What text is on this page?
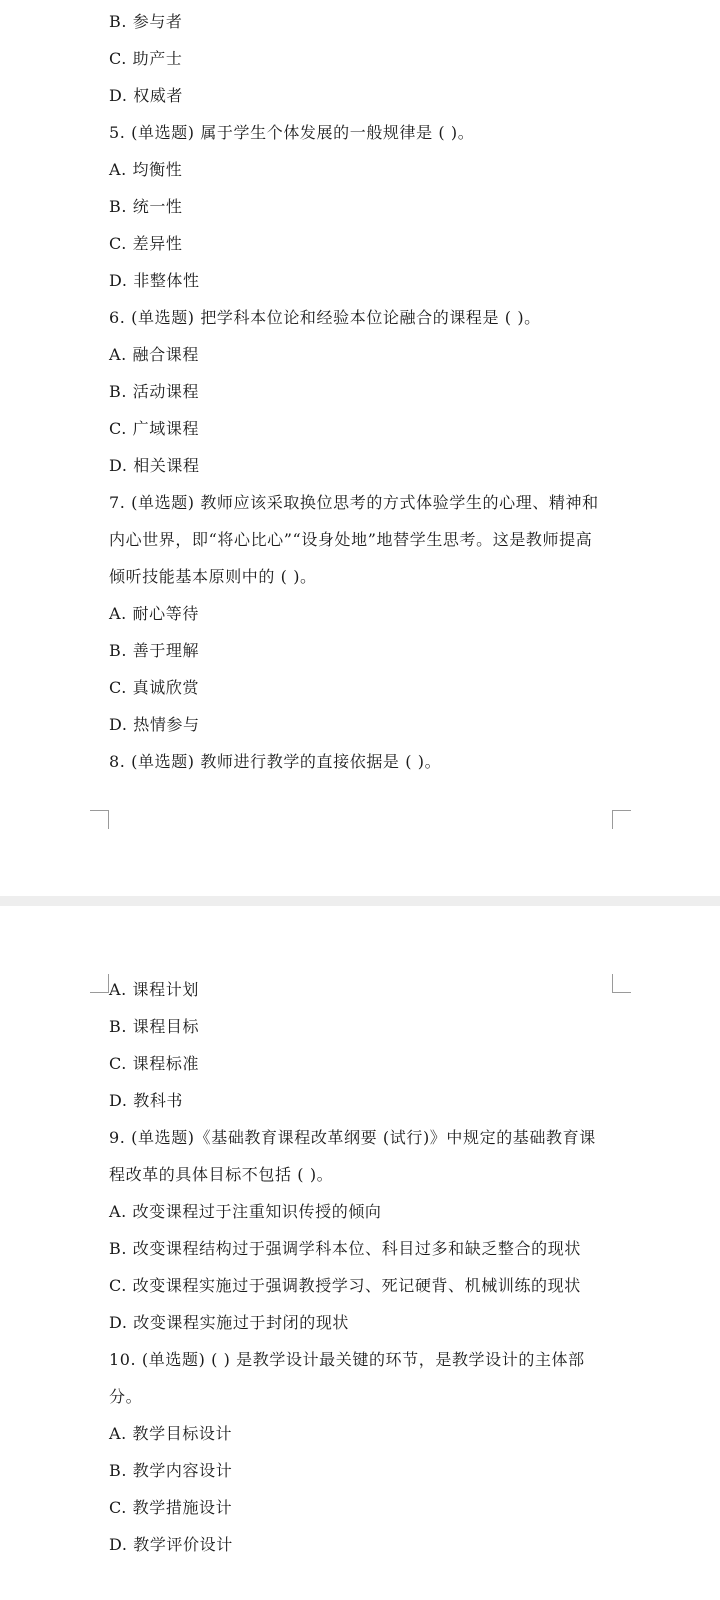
B. 参与者
C. 助产士
D. 权威者
5. (单选题) 属于学生个体发展的一般规律是 ( )。
A. 均衡性
B. 统一性
C. 差异性
D. 非整体性
6. (单选题) 把学科本位论和经验本位论融合的课程是 ( )。
A. 融合课程
B. 活动课程
C. 广域课程
D. 相关课程
7. (单选题) 教师应该采取换位思考的方式体验学生的心理、精神和
内心世界，即“将心比心”“设身处地”地替学生思考。这是教师提高
倾听技能基本原则中的 ( )。
A. 耐心等待
B. 善于理解
C. 真诚欣赏
D. 热情参与
8. (单选题) 教师进行教学的直接依据是 ( )。
A. 课程计划
B. 课程目标
C. 课程标准
D. 教科书
9. (单选题)《基础教育课程改革纲要 (试行)》中规定的基础教育课
程改革的具体目标不包括 ( )。
A. 改变课程过于注重知识传授的倾向
B. 改变课程结构过于强调学科本位、科目过多和缺乏整合的现状
C. 改变课程实施过于强调教授学习、死记硬背、机械训练的现状
D. 改变课程实施过于封闭的现状
10. (单选题) ( ) 是教学设计最关键的环节，是教学设计的主体部
分。
A. 教学目标设计
B. 教学内容设计
C. 教学措施设计
D. 教学评价设计
